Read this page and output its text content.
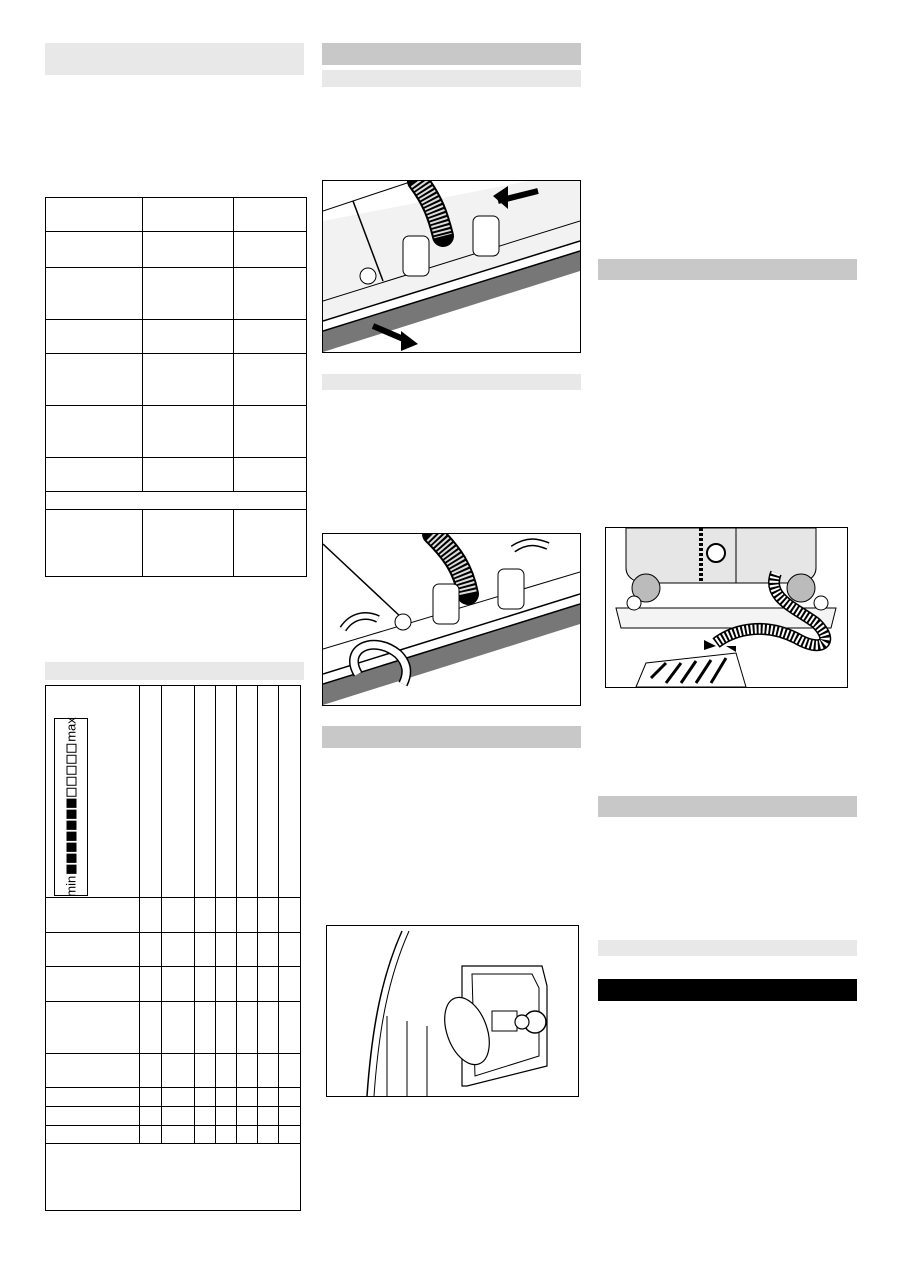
min
max
